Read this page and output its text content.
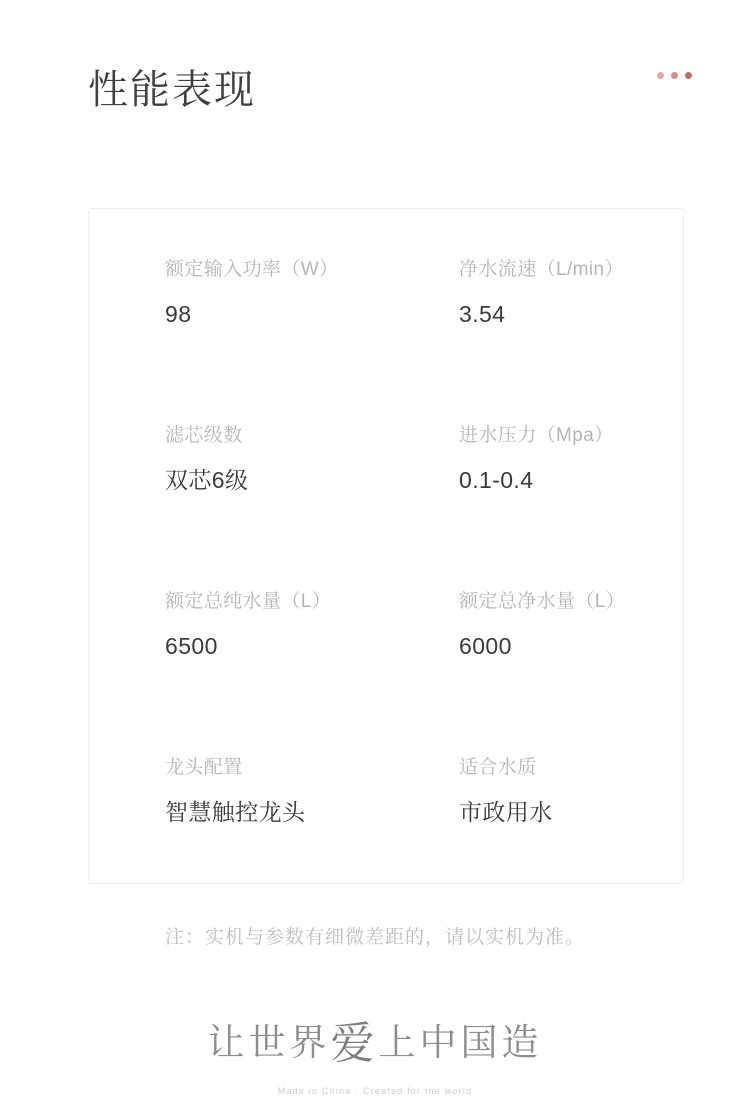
性能表现

额定输入功率（W）

98

净水流速（L/min）

3.54

滤芯级数

双芯6级

进水压力（Mpa）

0.1-0.4

额定总纯水量（L）

6500

额定总净水量（L）

6000

龙头配置

智慧触控龙头

适合水质

市政用水

注：实机与参数有细微差距的，请以实机为准。
让世界爱上中国造
Made in China · Created for the world
